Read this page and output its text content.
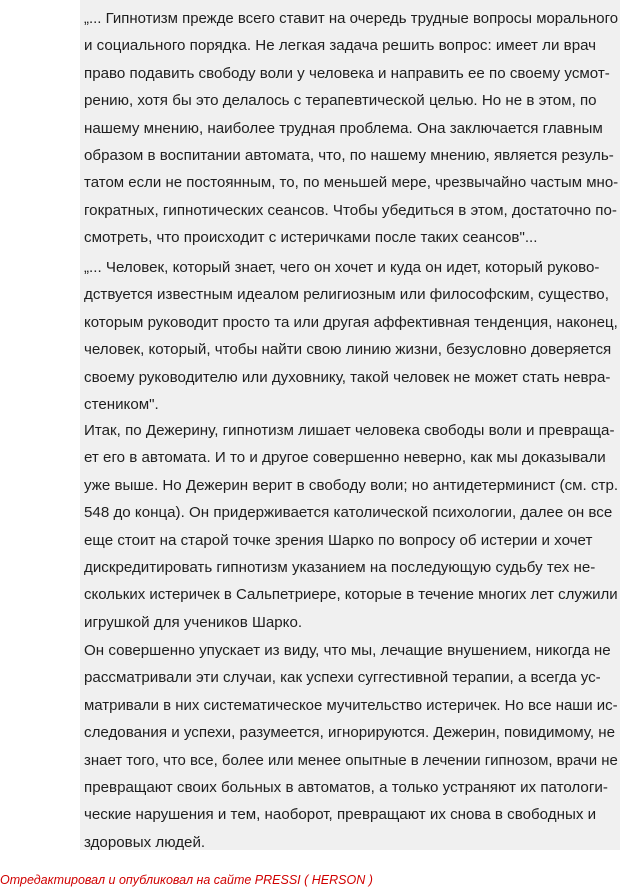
„... Гипнотизм прежде всего ставит на очередь трудные вопросы морального
и социального порядка. Не легкая задача решить вопрос: имеет ли врач
право подавить свободу воли у человека и направить ее по своему усмот-
рению, хотя бы это делалось с терапевтической целью. Но не в этом, по
нашему мнению, наиболее трудная проблема. Она заключается главным
образом в воспитании автомата, что, по нашему мнению, является резуль-
татом если не постоянным, то, по меньшей мере, чрезвычайно частым мно-
гократных, гипнотических сеансов. Чтобы убедиться в этом, достаточно по-
смотреть, что происходит с истеричками после таких сеансов"...

„... Человек, который знает, чего он хочет и куда он идет, который руково-
дствуется известным идеалом религиозным или философским, существо,
которым руководит просто та или другая аффективная тенденция, наконец,
человек, который, чтобы найти свою линию жизни, безусловно доверяется
своему руководителю или духовнику, такой человек не может стать невра-
стеником".

Итак, по Дежерину, гипнотизм лишает человека свободы воли и превраща-
ет его в автомата. И то и другое совершенно неверно, как мы доказывали
уже выше. Но Дежерин верит в свободу воли; но антидетерминист (см. стр.
548 до конца). Он придерживается католической психологии, далее он все
еще стоит на старой точке зрения Шарко по вопросу об истерии и хочет
дискредитировать гипнотизм указанием на последующую судьбу тех не-
скольких истеричек в Сальпетриере, которые в течение многих лет служили
игрушкой для учеников Шарко.

Он совершенно упускает из виду, что мы, лечащие внушением, никогда не
рассматривали эти случаи, как успехи суггестивной терапии, а всегда ус-
матривали в них систематическое мучительство истеричек. Но все наши ис-
следования и успехи, разумеется, игнорируются. Дежерин, повидимому, не
знает того, что все, более или менее опытные в лечении гипнозом, врачи не
превращают своих больных в автоматов, а только устраняют их патологи-
ческие нарушения и тем, наоборот, превращают их снова в свободных и
здоровых людей.

Отредактировал и опубликовал на сайте PRESSI ( HERSON )
